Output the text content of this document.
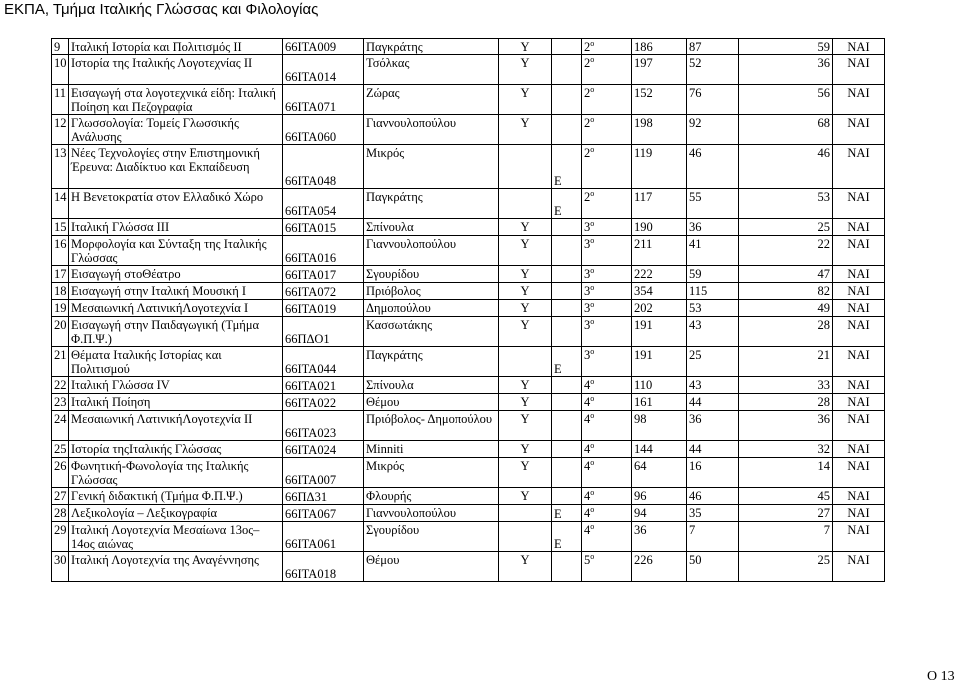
ΕΚΠΑ, Τμήμα Ιταλικής Γλώσσας και Φιλολογίας
9	Ιταλική Ιστορία και Πολιτισμός ΙΙ	66ΙΤΑ009	Παγκράτης	Υ		$2^o$	186	87	59	ΝΑΙ
10	Ιστορία της Ιταλικής Λογοτεχνίας ΙΙ	66ΙΤΑ014	Τσόλκας	Υ		$2^o$	197	52	36	ΝΑΙ
11	Εισαγωγή στα λογοτεχνικά είδη: Ιταλική Ποίηση και Πεζογραφία	66ΙΤΑ071	Ζώρας	Υ		$2^o$	152	76	56	ΝΑΙ
12	Γλωσσολογία: Τομείς Γλωσσικής Ανάλυσης	66ΙΤΑ060	Γιαννουλοπούλου	Υ		$2^o$	198	92	68	ΝΑΙ
13	Νέες Τεχνολογίες στην Επιστημονική Έρευνα: Διαδίκτυο και Εκπαίδευση	66ΙΤΑ048	Μικρός		Ε	$2^o$	119	46	46	ΝΑΙ
14	Η Βενετοκρατία στον Ελλαδικό Χώρο	66ΙΤΑ054	Παγκράτης		Ε	$2^o$	117	55	53	ΝΑΙ
15	Ιταλική Γλώσσα ΙΙΙ	66ΙΤΑ015	Σπίνουλα	Υ		$3^o$	190	36	25	ΝΑΙ
16	Μορφολογία και Σύνταξη της Ιταλικής Γλώσσας	66ΙΤΑ016	Γιαννουλοπούλου	Υ		$3^o$	211	41	22	ΝΑΙ
17	Εισαγωγή στοΘέατρο	66ΙΤΑ017	Σγουρίδου	Υ		$3^o$	222	59	47	ΝΑΙ
18	Εισαγωγή στην Ιταλική Μουσική Ι	66ΙΤΑ072	Πριόβολος	Υ		$3^o$	354	115	82	ΝΑΙ
19	Μεσαιωνική ΛατινικήΛογοτεχνία Ι	66ΙΤΑ019	Δημοπούλου	Υ		$3^o$	202	53	49	ΝΑΙ
20	Εισαγωγή στην Παιδαγωγική (Τμήμα Φ.Π.Ψ.)	66ΠΔΟ1	Κασσωτάκης	Υ		$3^o$	191	43	28	ΝΑΙ
21	Θέματα Ιταλικής Ιστορίας και Πολιτισμού	66ΙΤΑ044	Παγκράτης		Ε	$3^o$	191	25	21	ΝΑΙ
22	Ιταλική Γλώσσα IV	66ΙΤΑ021	Σπίνουλα	Υ		$4^o$	110	43	33	ΝΑΙ
23	Ιταλική Ποίηση	66ΙΤΑ022	Θέμου	Υ		$4^o$	161	44	28	ΝΑΙ
24	Μεσαιωνική ΛατινικήΛογοτεχνία ΙΙ	66ΙΤΑ023	Πριόβολος- Δημοπούλου	Υ		$4^o$	98	36	36	ΝΑΙ
25	Ιστορία τηςΙταλικής Γλώσσας	66ΙΤΑ024	Minniti	Υ		$4^o$	144	44	32	ΝΑΙ
26	Φωνητική-Φωνολογία της Ιταλικής Γλώσσας	66ΙΤΑ007	Μικρός	Υ		$4^o$	64	16	14	ΝΑΙ
27	Γενική διδακτική (Τμήμα Φ.Π.Ψ.)	66ΠΔ31	Φλουρής	Υ		$4^o$	96	46	45	ΝΑΙ
28	Λεξικολογία – Λεξικογραφία	66ΙΤΑ067	Γιαννουλοπούλου		Ε	$4^o$	94	35	27	ΝΑΙ
29	Ιταλική Λογοτεχνία Μεσαίωνα 13ος– 14ος αιώνας	66ΙΤΑ061	Σγουρίδου		Ε	$4^o$	36	7	7	ΝΑΙ
30	Ιταλική Λογοτεχνία της Αναγέννησης	66ΙΤΑ018	Θέμου	Υ		$5^o$	226	50	25	ΝΑΙ
Ο 13
